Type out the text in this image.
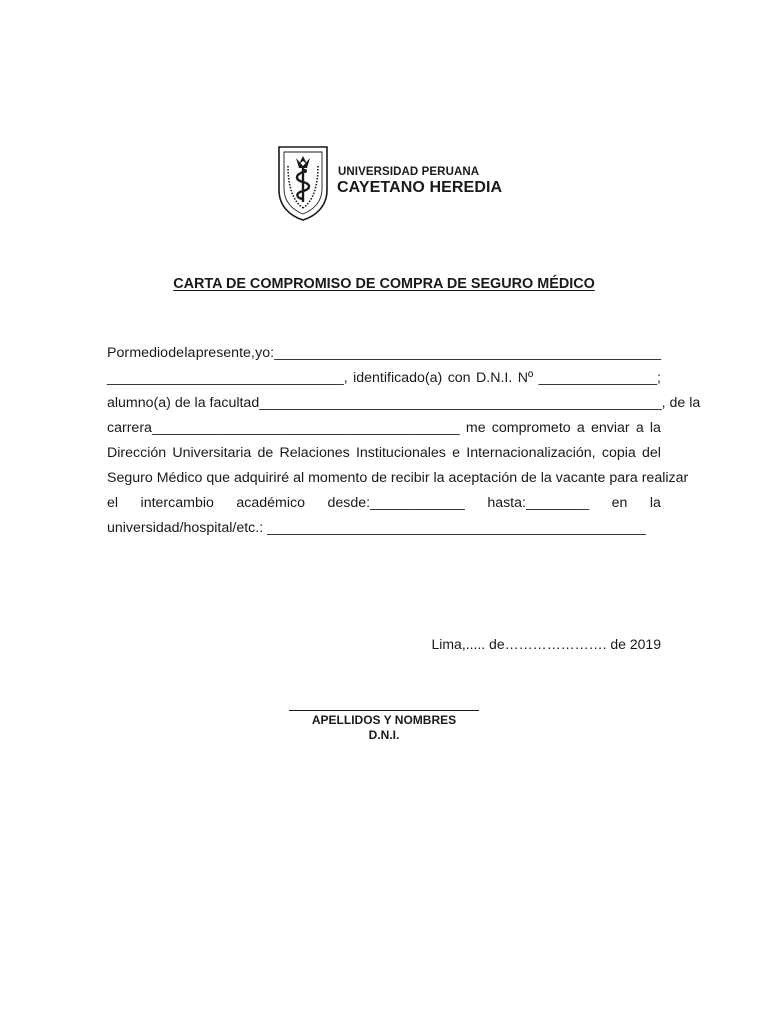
UNIVERSIDAD PERUANA
CAYETANO HEREDIA
CARTA DE COMPROMISO DE COMPRA DE SEGURO MÉDICO
Por medio de la presente, yo: _________________________________________________
______________________________, identificado(a) con D.N.I. Nº _______________;
alumno(a) de la facultad ___________________________________________________ , de la
carrera_______________________________________ me comprometo a enviar a la
Dirección Universitaria de Relaciones Institucionales e Internacionalización, copia del
Seguro Médico que adquiriré al momento de recibir la aceptación de la vacante para realizar
el intercambio académico desde:____________ hasta:________ en la
universidad/hospital/etc.: ________________________________________________
Lima,..... de…………………. de 2019
APELLIDOS Y NOMBRES
D.N.I.
